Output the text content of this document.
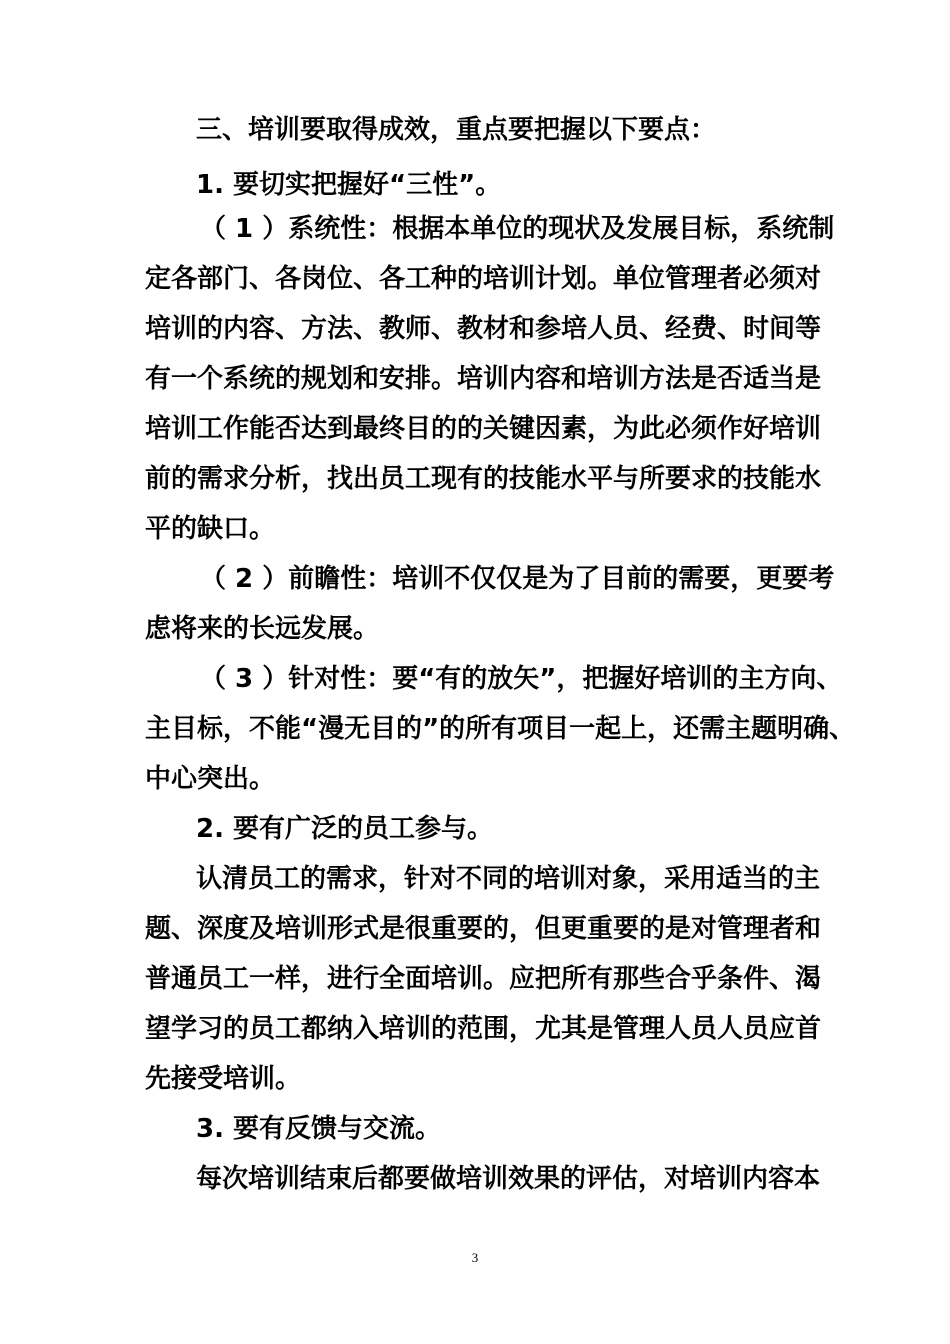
三、培训要取得成效，重点要把握以下要点：
1. 要切实把握好“三性”。
（ 1 ）系统性：根据本单位的现状及发展目标，系统制
定各部门、各岗位、各工种的培训计划。单位管理者必须对
培训的内容、方法、教师、教材和参培人员、经费、时间等
有一个系统的规划和安排。培训内容和培训方法是否适当是
培训工作能否达到最终目的的关键因素，为此必须作好培训
前的需求分析，找出员工现有的技能水平与所要求的技能水
平的缺口。
（ 2 ）前瞻性：培训不仅仅是为了目前的需要，更要考
虑将来的长远发展。
（ 3 ）针对性：要“有的放矢”，把握好培训的主方向、
主目标，不能“漫无目的”的所有项目一起上，还需主题明确、
中心突出。
2. 要有广泛的员工参与。
认清员工的需求，针对不同的培训对象，采用适当的主
题、深度及培训形式是很重要的，但更重要的是对管理者和
普通员工一样，进行全面培训。应把所有那些合乎条件、渴
望学习的员工都纳入培训的范围，尤其是管理人员人员应首
先接受培训。
3. 要有反馈与交流。
每次培训结束后都要做培训效果的评估，对培训内容本
3
